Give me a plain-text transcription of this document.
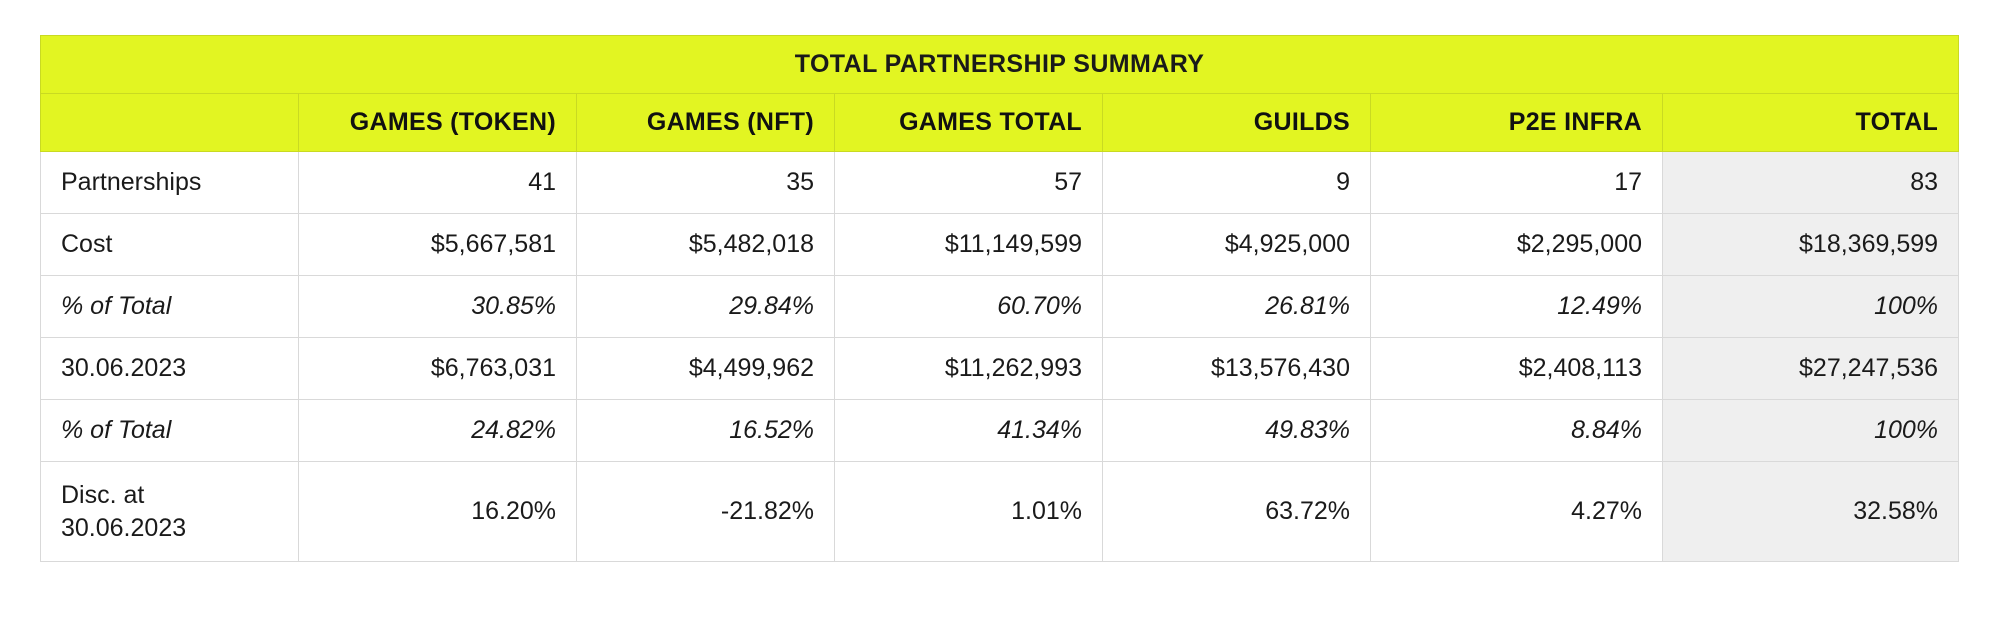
TOTAL PARTNERSHIP SUMMARY						
	GAMES (TOKEN)	GAMES (NFT)	GAMES TOTAL	GUILDS	P2E INFRA	TOTAL
Partnerships	41	35	57	9	17	83
Cost	$5,667,581	$5,482,018	$11,149,599	$4,925,000	$2,295,000	$18,369,599
% of Total	30.85%	29.84%	60.70%	26.81%	12.49%	100%
30.06.2023	$6,763,031	$4,499,962	$11,262,993	$13,576,430	$2,408,113	$27,247,536
% of Total	24.82%	16.52%	41.34%	49.83%	8.84%	100%

Disc. at
30.06.2023	16.20%	-21.82%	1.01%	63.72%	4.27%	32.58%
